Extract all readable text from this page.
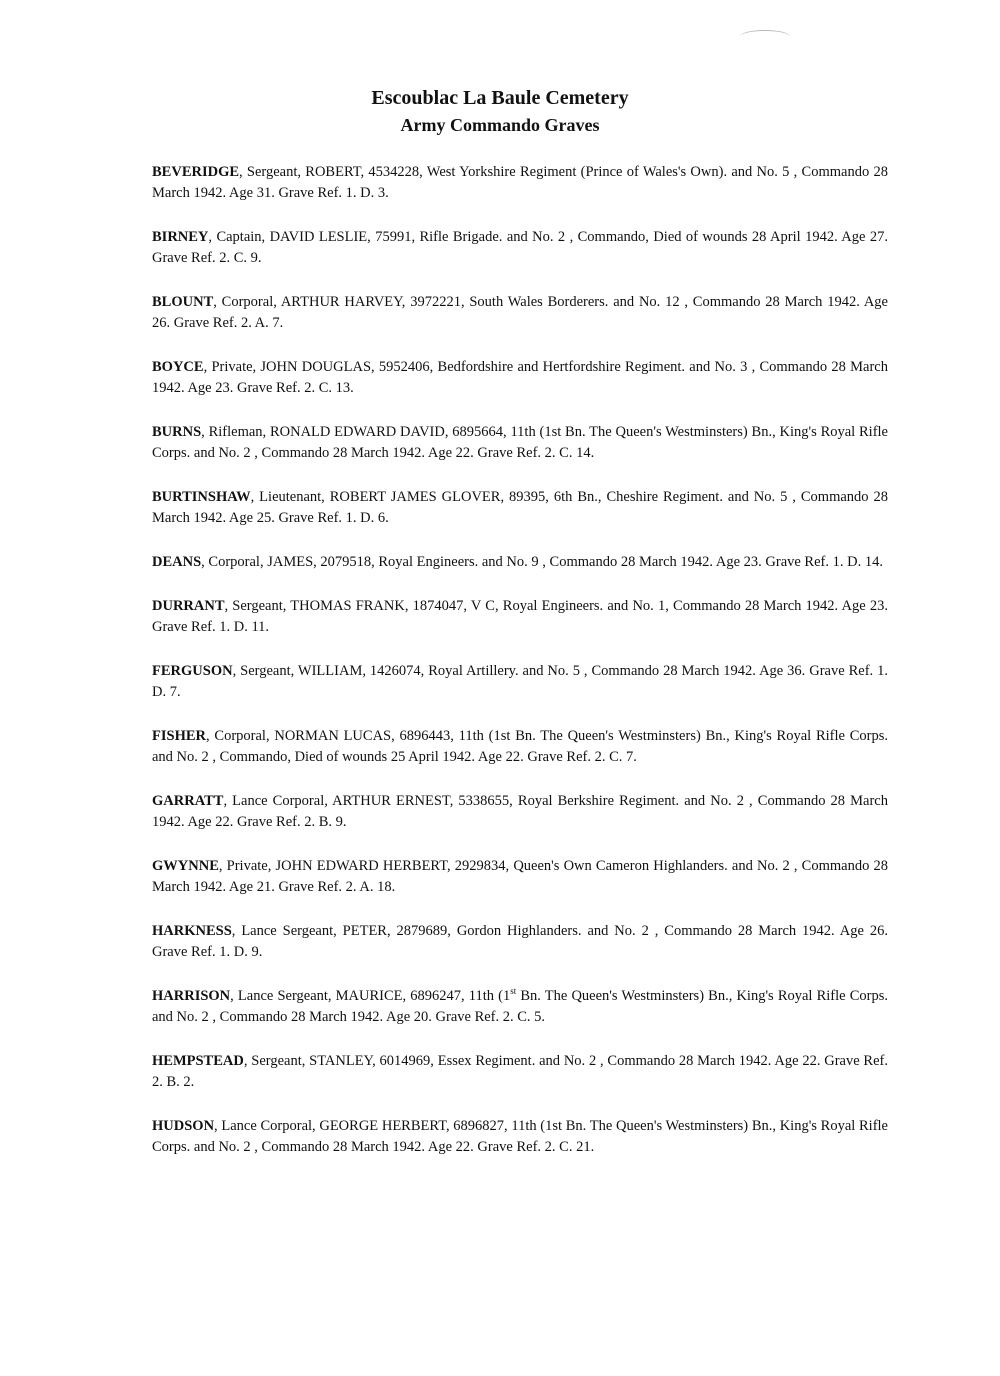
Escoublac La Baule Cemetery
Army Commando Graves

BEVERIDGE, Sergeant, ROBERT, 4534228, West Yorkshire Regiment (Prince of Wales's Own). and No. 5 , Commando 28 March 1942. Age 31. Grave Ref. 1. D. 3.

BIRNEY, Captain, DAVID LESLIE, 75991, Rifle Brigade. and No. 2 , Commando, Died of wounds 28 April 1942. Age 27. Grave Ref. 2. C. 9.

BLOUNT, Corporal, ARTHUR HARVEY, 3972221, South Wales Borderers. and No. 12 , Commando 28 March 1942. Age 26. Grave Ref. 2. A. 7.

BOYCE, Private, JOHN DOUGLAS, 5952406, Bedfordshire and Hertfordshire Regiment. and No. 3 , Commando 28 March 1942. Age 23. Grave Ref. 2. C. 13.

BURNS, Rifleman, RONALD EDWARD DAVID, 6895664, 11th (1st Bn. The Queen's Westminsters) Bn., King's Royal Rifle Corps. and No. 2 , Commando 28 March 1942. Age 22. Grave Ref. 2. C. 14.

BURTINSHAW, Lieutenant, ROBERT JAMES GLOVER, 89395, 6th Bn., Cheshire Regiment. and No. 5 , Commando 28 March 1942. Age 25. Grave Ref. 1. D. 6.

DEANS, Corporal, JAMES, 2079518, Royal Engineers. and No. 9 , Commando 28 March 1942. Age 23. Grave Ref. 1. D. 14.

DURRANT, Sergeant, THOMAS FRANK, 1874047, V C, Royal Engineers. and No. 1, Commando 28 March 1942. Age 23. Grave Ref. 1. D. 11.

FERGUSON, Sergeant, WILLIAM, 1426074, Royal Artillery. and No. 5 , Commando 28 March 1942. Age 36. Grave Ref. 1. D. 7.

FISHER, Corporal, NORMAN LUCAS, 6896443, 11th (1st Bn. The Queen's Westminsters) Bn., King's Royal Rifle Corps. and No. 2 , Commando, Died of wounds 25 April 1942. Age 22. Grave Ref. 2. C. 7.

GARRATT, Lance Corporal, ARTHUR ERNEST, 5338655, Royal Berkshire Regiment. and No. 2 , Commando 28 March 1942. Age 22. Grave Ref. 2. B. 9.

GWYNNE, Private, JOHN EDWARD HERBERT, 2929834, Queen's Own Cameron Highlanders. and No. 2 , Commando 28 March 1942. Age 21. Grave Ref. 2. A. 18.

HARKNESS, Lance Sergeant, PETER, 2879689, Gordon Highlanders. and No. 2 , Commando 28 March 1942. Age 26. Grave Ref. 1. D. 9.

HARRISON, Lance Sergeant, MAURICE, 6896247, 11th (1st Bn. The Queen's Westminsters) Bn., King's Royal Rifle Corps. and No. 2 , Commando 28 March 1942. Age 20. Grave Ref. 2. C. 5.

HEMPSTEAD, Sergeant, STANLEY, 6014969, Essex Regiment. and No. 2 , Commando 28 March 1942. Age 22. Grave Ref. 2. B. 2.

HUDSON, Lance Corporal, GEORGE HERBERT, 6896827, 11th (1st Bn. The Queen's Westminsters) Bn., King's Royal Rifle Corps. and No. 2 , Commando 28 March 1942. Age 22. Grave Ref. 2. C. 21.
